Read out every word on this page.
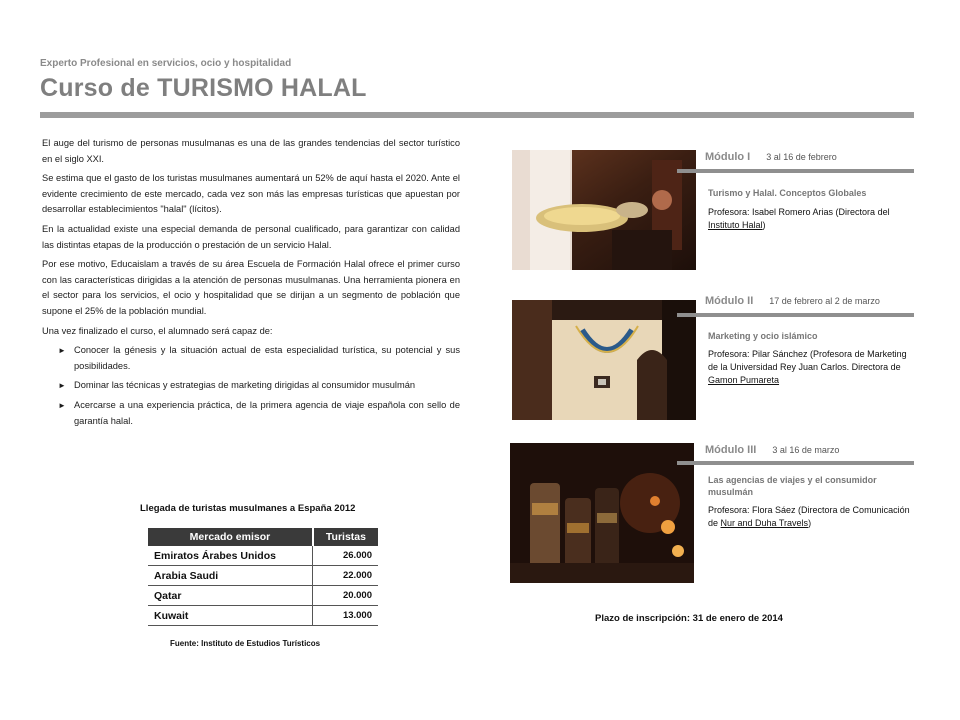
Experto Profesional en servicios, ocio y hospitalidad
Curso de TURISMO HALAL

El auge del turismo de personas musulmanas es una de las grandes tendencias del sector turístico en el siglo XXI.

Se estima que el gasto de los turistas musulmanes aumentará un 52% de aquí hasta el 2020. Ante el evidente crecimiento de este mercado, cada vez son más las empresas turísticas que apuestan por desarrollar establecimientos "halal" (lícitos).

En la actualidad existe una especial demanda de personal cualificado, para garantizar con calidad las distintas etapas de la producción o prestación de un servicio Halal.

Por ese motivo, Educaislam a través de su área Escuela de Formación Halal ofrece el primer curso con las características dirigidas a la atención de personas musulmanas. Una herramienta pionera en el sector para los servicios, el ocio y hospitalidad que se dirijan a un segmento de población que supone el 25% de la población mundial.

Una vez finalizado el curso, el alumnado será capaz de:

► Conocer la génesis y la situación actual de esta especialidad turística, su potencial y sus posibilidades.
► Dominar las técnicas y estrategias de marketing dirigidas al consumidor musulmán
► Acercarse a una experiencia práctica, de la primera agencia de viaje española con sello de garantía halal.
Llegada de turistas musulmanes a España 2012
Mercado emisor	Turistas
Emiratos Árabes Unidos	26.000
Arabia Saudi	22.000
Qatar	20.000
Kuwait	13.000
Fuente: Instituto de Estudios Turísticos
Módulo I 3 al 16 de febrero
Turismo y Halal. Conceptos Globales
Profesora: Isabel Romero Arias (Directora del Instituto Halal)
Módulo II 17 de febrero al 2 de marzo
Marketing y ocio islámico
Profesora: Pilar Sánchez (Profesora de Marketing de la Universidad Rey Juan Carlos. Directora de Gamon Pumareta
Módulo III 3 al 16 de marzo
Las agencias de viajes y el consumidor musulmán
Profesora: Flora Sáez (Directora de Comunicación de Nur and Duha Travels)
Plazo de inscripción: 31 de enero de 2014
